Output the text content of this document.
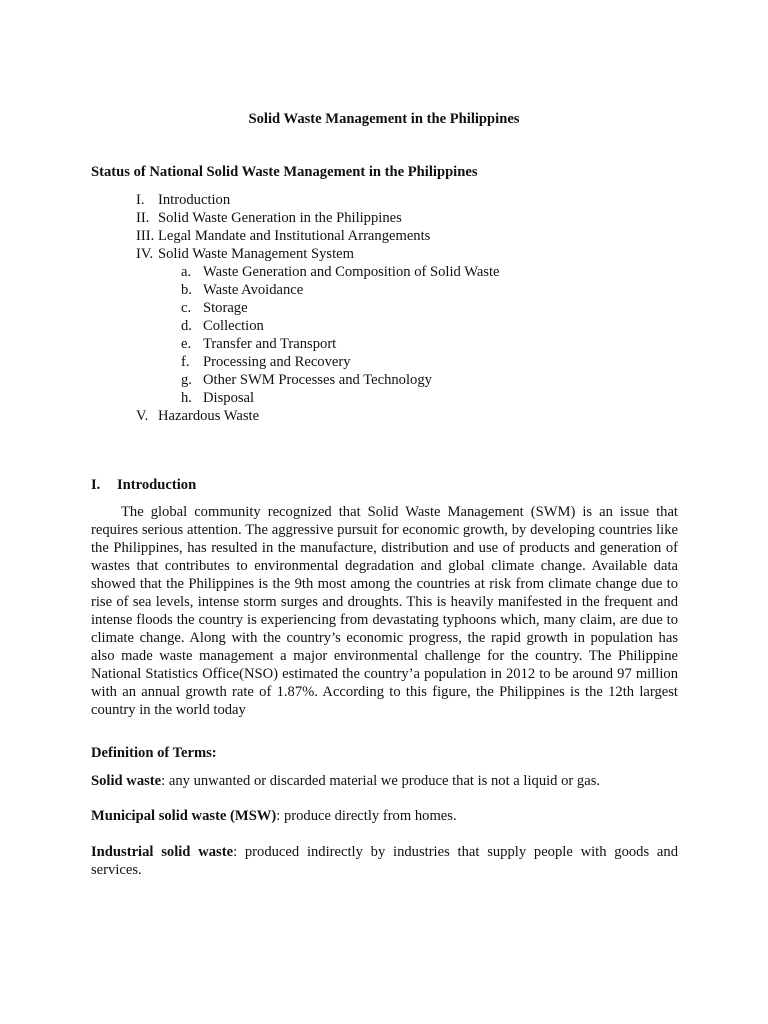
Solid Waste Management in the Philippines
Status of National Solid Waste Management in the Philippines
I. Introduction
II. Solid Waste Generation in the Philippines
III. Legal Mandate and Institutional Arrangements
IV. Solid Waste Management System
a. Waste Generation and Composition of Solid Waste
b. Waste Avoidance
c. Storage
d. Collection
e. Transfer and Transport
f. Processing and Recovery
g. Other SWM Processes and Technology
h. Disposal
V. Hazardous Waste
I. Introduction

The global community recognized that Solid Waste Management (SWM) is an issue that requires serious attention. The aggressive pursuit for economic growth, by developing countries like the Philippines, has resulted in the manufacture, distribution and use of products and generation of wastes that contributes to environmental degradation and global climate change. Available data showed that the Philippines is the 9th most among the countries at risk from climate change due to rise of sea levels, intense storm surges and droughts. This is heavily manifested in the frequent and intense floods the country is experiencing from devastating typhoons which, many claim, are due to climate change. Along with the country’s economic progress, the rapid growth in population has also made waste management a major environmental challenge for the country. The Philippine National Statistics Office(NSO) estimated the country’a population in 2012 to be around 97 million with an annual growth rate of 1.87%. According to this figure, the Philippines is the 12th largest country in the world today

Definition of Terms:

Solid waste: any unwanted or discarded material we produce that is not a liquid or gas.

Municipal solid waste (MSW): produce directly from homes.

Industrial solid waste: produced indirectly by industries that supply people with goods and services.
